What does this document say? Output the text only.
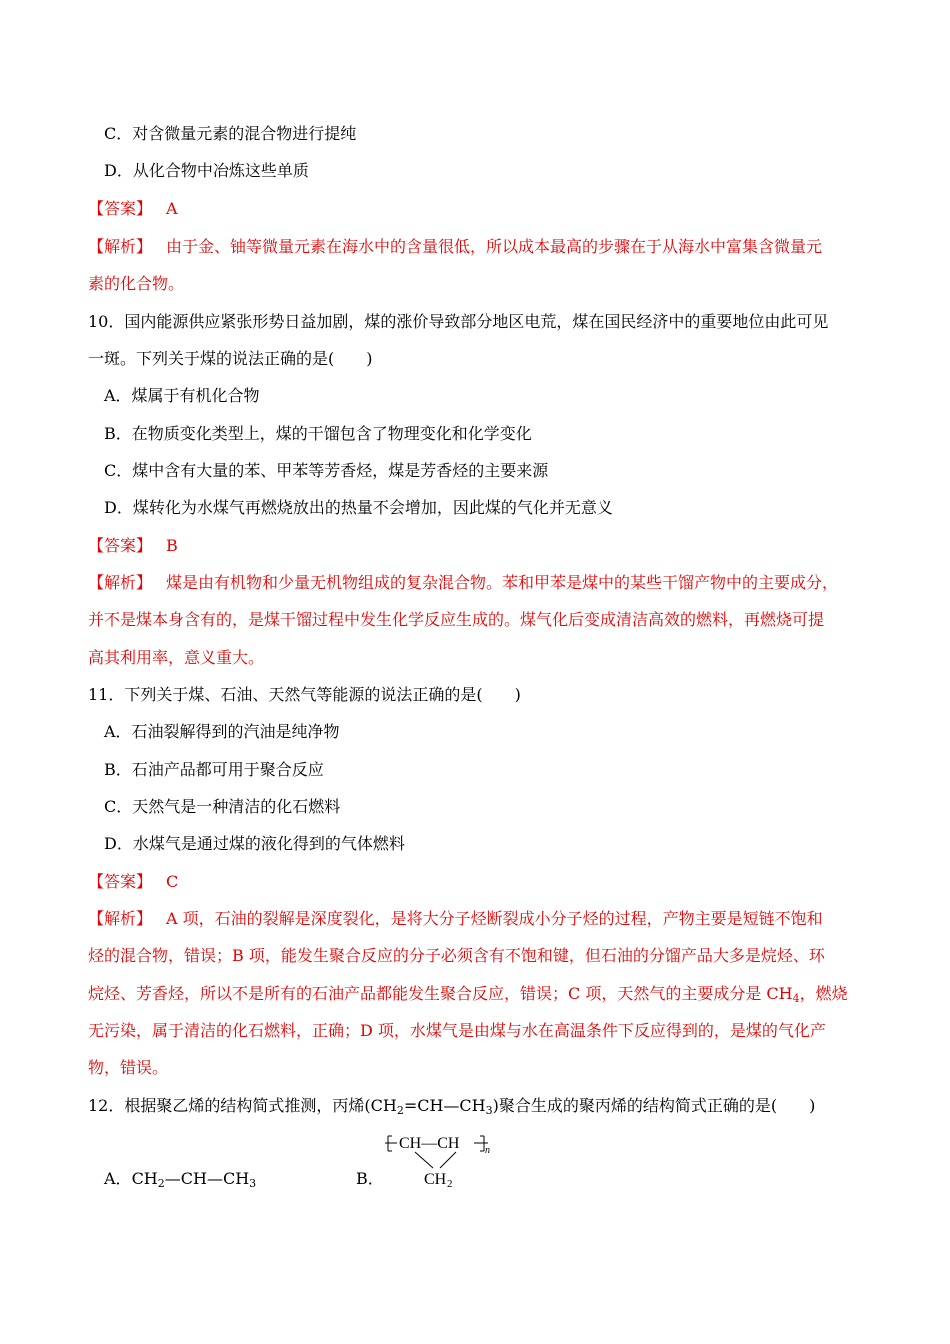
C．对含微量元素的混合物进行提纯
D．从化合物中冶炼这些单质
【答案】 A
【解析】 由于金、铀等微量元素在海水中的含量很低，所以成本最高的步骤在于从海水中富集含微量元
素的化合物。
10．国内能源供应紧张形势日益加剧，煤的涨价导致部分地区电荒，煤在国民经济中的重要地位由此可见
一斑。下列关于煤的说法正确的是(　　)
A．煤属于有机化合物
B．在物质变化类型上，煤的干馏包含了物理变化和化学变化
C．煤中含有大量的苯、甲苯等芳香烃，煤是芳香烃的主要来源
D．煤转化为水煤气再燃烧放出的热量不会增加，因此煤的气化并无意义
【答案】 B
【解析】 煤是由有机物和少量无机物组成的复杂混合物。苯和甲苯是煤中的某些干馏产物中的主要成分，
并不是煤本身含有的，是煤干馏过程中发生化学反应生成的。煤气化后变成清洁高效的燃料，再燃烧可提
高其利用率，意义重大。
11．下列关于煤、石油、天然气等能源的说法正确的是(　　)
A．石油裂解得到的汽油是纯净物
B．石油产品都可用于聚合反应
C．天然气是一种清洁的化石燃料
D．水煤气是通过煤的液化得到的气体燃料
【答案】 C
【解析】 A 项，石油的裂解是深度裂化，是将大分子烃断裂成小分子烃的过程，产物主要是短链不饱和
烃的混合物，错误；B 项，能发生聚合反应的分子必须含有不饱和键，但石油的分馏产品大多是烷烃、环
烷烃、芳香烃，所以不是所有的石油产品都能发生聚合反应，错误；C 项，天然气的主要成分是 $CH_4$，燃烧
无污染，属于清洁的化石燃料，正确；D 项，水煤气是由煤与水在高温条件下反应得到的，是煤的气化产
物，错误。
12．根据聚乙烯的结构简式推测，丙烯$(CH_2=CH—CH_3)$聚合生成的聚丙烯的结构简式正确的是(　　)
A．$CH_2—CH—CH_3$	B．
CH—CH	n
CH 2
